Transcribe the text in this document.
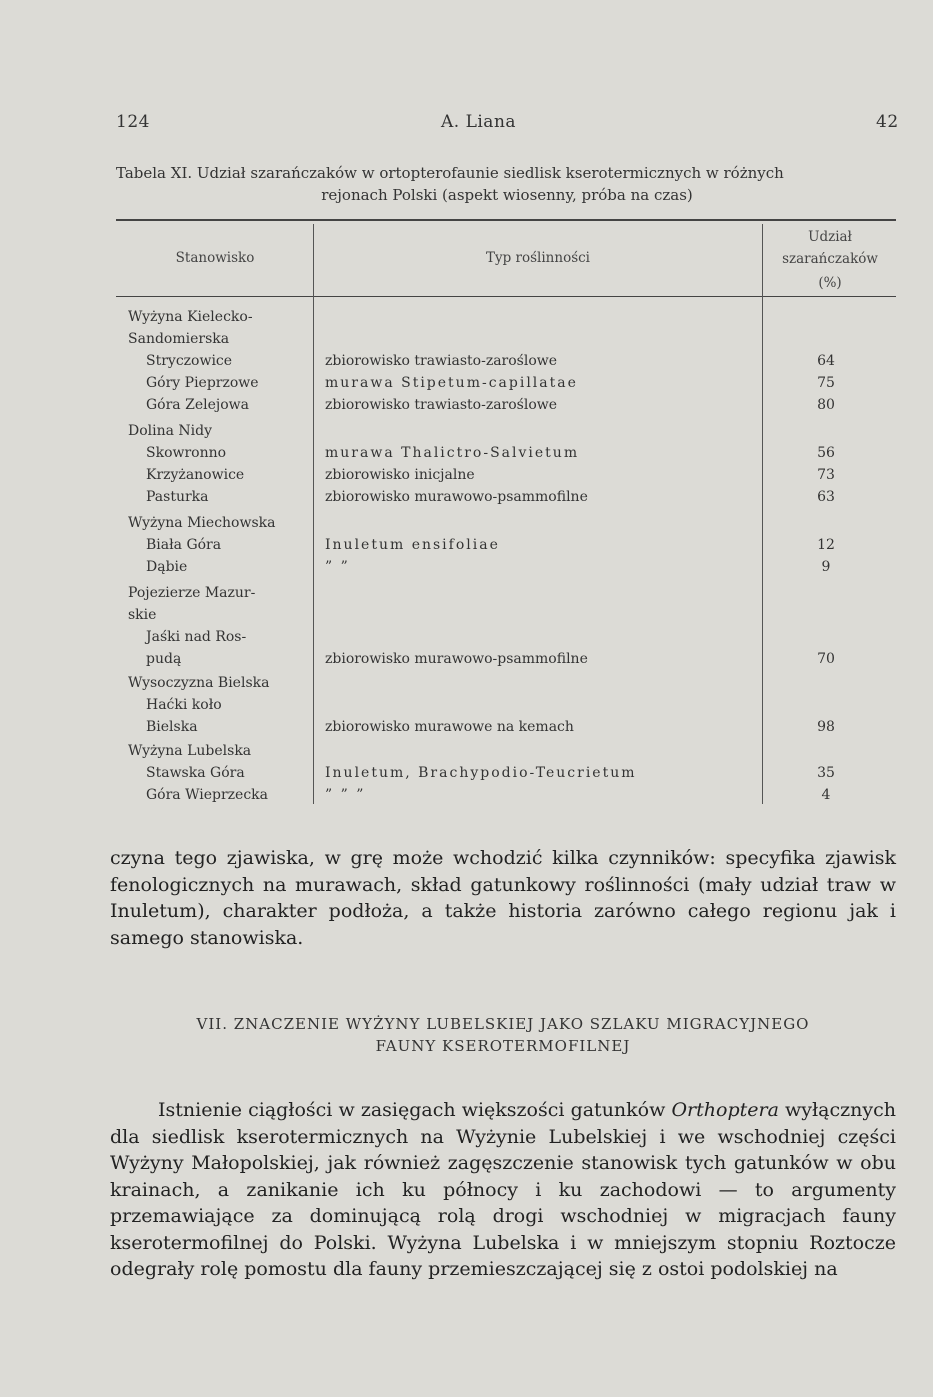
124	A. Liana	42
Tabela XI. Udział szarańczaków w ortopterofaunie siedlisk kserotermicznych w różnych
rejonach Polski (aspekt wiosenny, próba na czas)
Stanowisko	Typ roślinności
Udział
szarańczaków
(%)
Wyżyna Kielecko-
Sandomierska
Stryczowice	zbiorowisko trawiasto-zaroślowe	64
Góry Pieprzowe	murawa Stipetum-capillatae	75
Góra Zelejowa	zbiorowisko trawiasto-zaroślowe	80
Dolina Nidy
Skowronno	murawa Thalictro-Salvietum	56
Krzyżanowice	zbiorowisko inicjalne	73
Pasturka	zbiorowisko murawowo-psammofilne	63
Wyżyna Miechowska
Biała Góra	Inuletum ensifoliae	12
Dąbie	” ”	9
Pojezierze Mazur-
skie
Jaśki nad Ros-
pudą	zbiorowisko murawowo-psammofilne	70
Wysoczyzna Bielska
Haćki koło
Bielska	zbiorowisko murawowe na kemach	98
Wyżyna Lubelska
Stawska Góra	Inuletum, Brachypodio-Teucrietum	35
Góra Wieprzecka	” ” ”	4
czyna tego zjawiska, w grę może wchodzić kilka czynników: specyfika zjawisk fenologicznych na murawach, skład gatunkowy roślinności (mały udział traw w Inuletum), charakter podłoża, a także historia zarówno całego regionu jak i samego stanowiska.
VII. ZNACZENIE WYŻYNY LUBELSKIEJ JAKO SZLAKU MIGRACYJNEGO
FAUNY KSEROTERMOFILNEJ
Istnienie ciągłości w zasięgach większości gatunków Orthoptera wyłącznych dla siedlisk kserotermicznych na Wyżynie Lubelskiej i we wschodniej części Wyżyny Małopolskiej, jak również zagęszczenie stanowisk tych gatunków w obu krainach, a zanikanie ich ku północy i ku zachodowi — to argumenty przemawiające za dominującą rolą drogi wschodniej w migracjach fauny kserotermofilnej do Polski. Wyżyna Lubelska i w mniejszym stopniu Roztocze odegrały rolę pomostu dla fauny przemieszczającej się z ostoi podolskiej na
